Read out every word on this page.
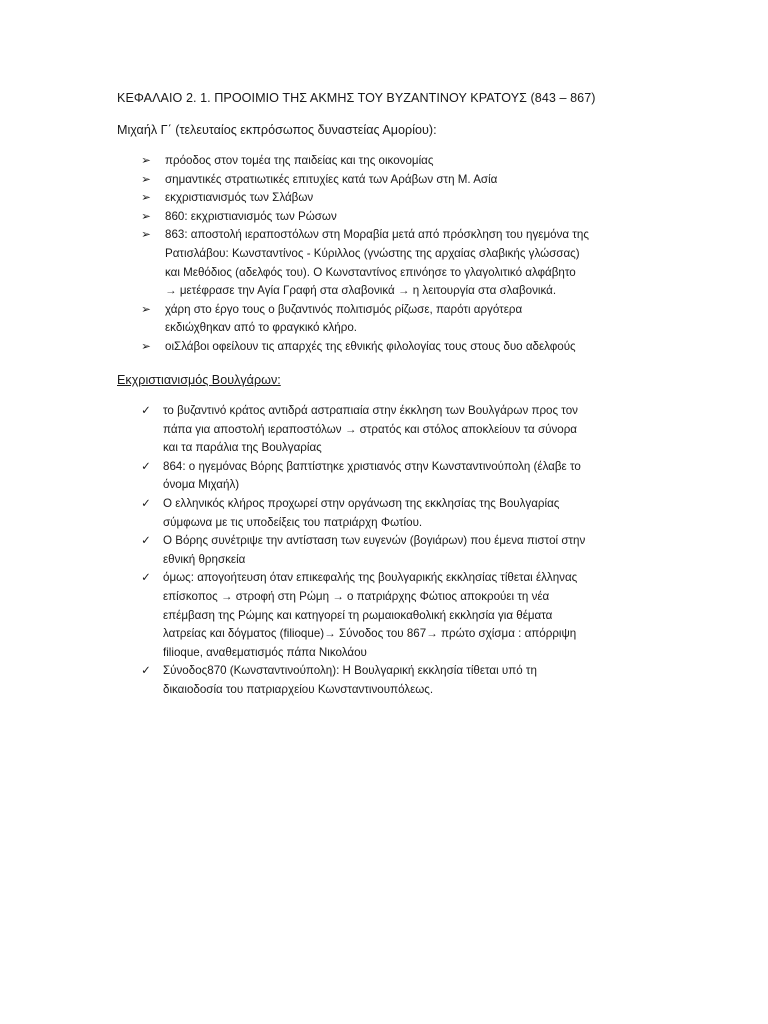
ΚΕΦΑΛΑΙΟ 2. 1. ΠΡΟΟΙΜΙΟ ΤΗΣ ΑΚΜΗΣ ΤΟΥ ΒΥΖΑΝΤΙΝΟΥ ΚΡΑΤΟΥΣ (843 – 867)
Μιχαήλ Γ΄ (τελευταίος εκπρόσωπος δυναστείας Αμορίου):
➢ πρόοδος στον τομέα της παιδείας και της οικονομίας
➢ σημαντικές στρατιωτικές επιτυχίες κατά των Αράβων στη Μ. Ασία
➢ εκχριστιανισμός των Σλάβων
➢ 860: εκχριστιανισμός των Ρώσων
➢ 863: αποστολή ιεραποστόλων στη Μοραβία μετά από πρόσκληση του ηγεμόνα της
Ρατισλάβου: Κωνσταντίνος - Κύριλλος (γνώστης της αρχαίας σλαβικής γλώσσας)
και Μεθόδιος (αδελφός του). Ο Κωνσταντίνος επινόησε το γλαγολιτικό αλφάβητο
→ μετέφρασε την Αγία Γραφή στα σλαβονικά → η λειτουργία στα σλαβονικά.
➢ χάρη στο έργο τους ο βυζαντινός πολιτισμός ρίζωσε, παρότι αργότερα
εκδιώχθηκαν από το φραγκικό κλήρο.
➢ οιΣλάβοι οφείλουν τις απαρχές της εθνικής φιλολογίας τους στους δυο αδελφούς
Εκχριστιανισμός Βουλγάρων:
✓ το βυζαντινό κράτος αντιδρά αστραπιαία στην έκκληση των Βουλγάρων προς τον
πάπα για αποστολή ιεραποστόλων → στρατός και στόλος αποκλείουν τα σύνορα
και τα παράλια της Βουλγαρίας
✓ 864: ο ηγεμόνας Βόρης βαπτίστηκε χριστιανός στην Κωνσταντινούπολη (έλαβε το
όνομα Μιχαήλ)
✓ Ο ελληνικός κλήρος προχωρεί στην οργάνωση της εκκλησίας της Βουλγαρίας
σύμφωνα με τις υποδείξεις του πατριάρχη Φωτίου.
✓ Ο Βόρης συνέτριψε την αντίσταση των ευγενών (βογιάρων) που έμενα πιστοί στην
εθνική θρησκεία
✓ όμως: απογοήτευση όταν επικεφαλής της βουλγαρικής εκκλησίας τίθεται έλληνας
επίσκοπος → στροφή στη Ρώμη → ο πατριάρχης Φώτιος αποκρούει τη νέα
επέμβαση της Ρώμης και κατηγορεί τη ρωμαιοκαθολική εκκλησία για θέματα
λατρείας και δόγματος (filioque)→ Σύνοδος του 867→ πρώτο σχίσμα : απόρριψη
filioque, αναθεματισμός πάπα Νικολάου
✓ Σύνοδος870 (Κωνσταντινούπολη): Η Βουλγαρική εκκλησία τίθεται υπό τη
δικαιοδοσία του πατριαρχείου Κωνσταντινουπόλεως.
